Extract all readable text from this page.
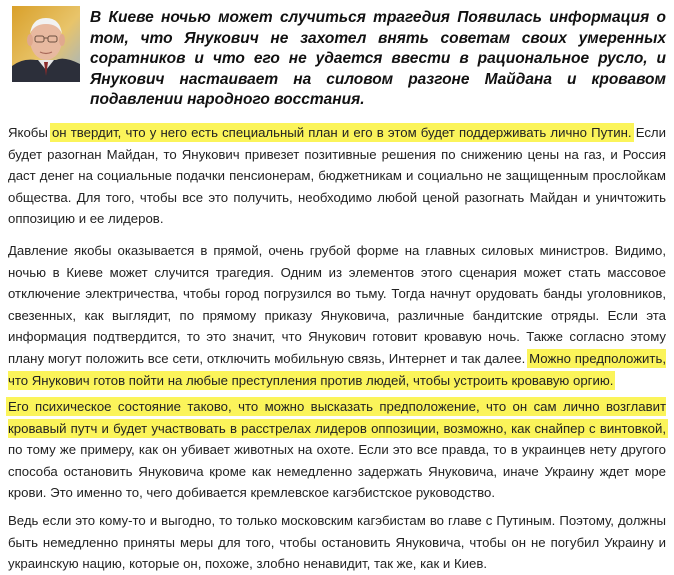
В Киеве ночью может случиться трагедия Появилась информация о том, что Янукович не захотел внять советам своих умеренных соратников и что его не удается ввести в рациональное русло, и Янукович настаивает на силовом разгоне Майдана и кровавом подавлении народного восстания.

Якобы он твердит, что у него есть специальный план и его в этом будет поддерживать лично Путин. Если будет разогнан Майдан, то Янукович привезет позитивные решения по снижению цены на газ, и Россия даст денег на социальные подачки пенсионерам, бюджетникам и социально не защищенным прослойкам общества. Для того, чтобы все это получить, необходимо любой ценой разогнать Майдан и уничтожить оппозицию и ее лидеров.

Давление якобы оказывается в прямой, очень грубой форме на главных силовых министров. Видимо, ночью в Киеве может случится трагедия. Одним из элементов этого сценария может стать массовое отключение электричества, чтобы город погрузился во тьму. Тогда начнут орудовать банды уголовников, свезенных, как выглядит, по прямому приказу Януковича, различные бандитские отряды. Если эта информация подтвердится, то это значит, что Янукович готовит кровавую ночь. Также согласно этому плану могут положить все сети, отключить мобильную связь, Интернет и так далее. Можно предположить, что Янукович готов пойти на любые преступления против людей, чтобы устроить кровавую оргию.

Его психическое состояние таково, что можно высказать предположение, что он сам лично возглавит кровавый путч и будет участвовать в расстрелах лидеров оппозиции, возможно, как снайпер с винтовкой, по тому же примеру, как он убивает животных на охоте. Если это все правда, то в украинцев нету другого способа остановить Януковича кроме как немедленно задержать Януковича, иначе Украину ждет море крови. Это именно то, чего добивается кремлевское кагэбистское руководство.

Ведь если это кому-то и выгодно, то только московским кагэбистам во главе с Путиным. Поэтому, должны быть немедленно приняты меры для того, чтобы остановить Януковича, чтобы он не погубил Украину и украинскую нацию, которые он, похоже, злобно ненавидит, так же, как и Киев.
